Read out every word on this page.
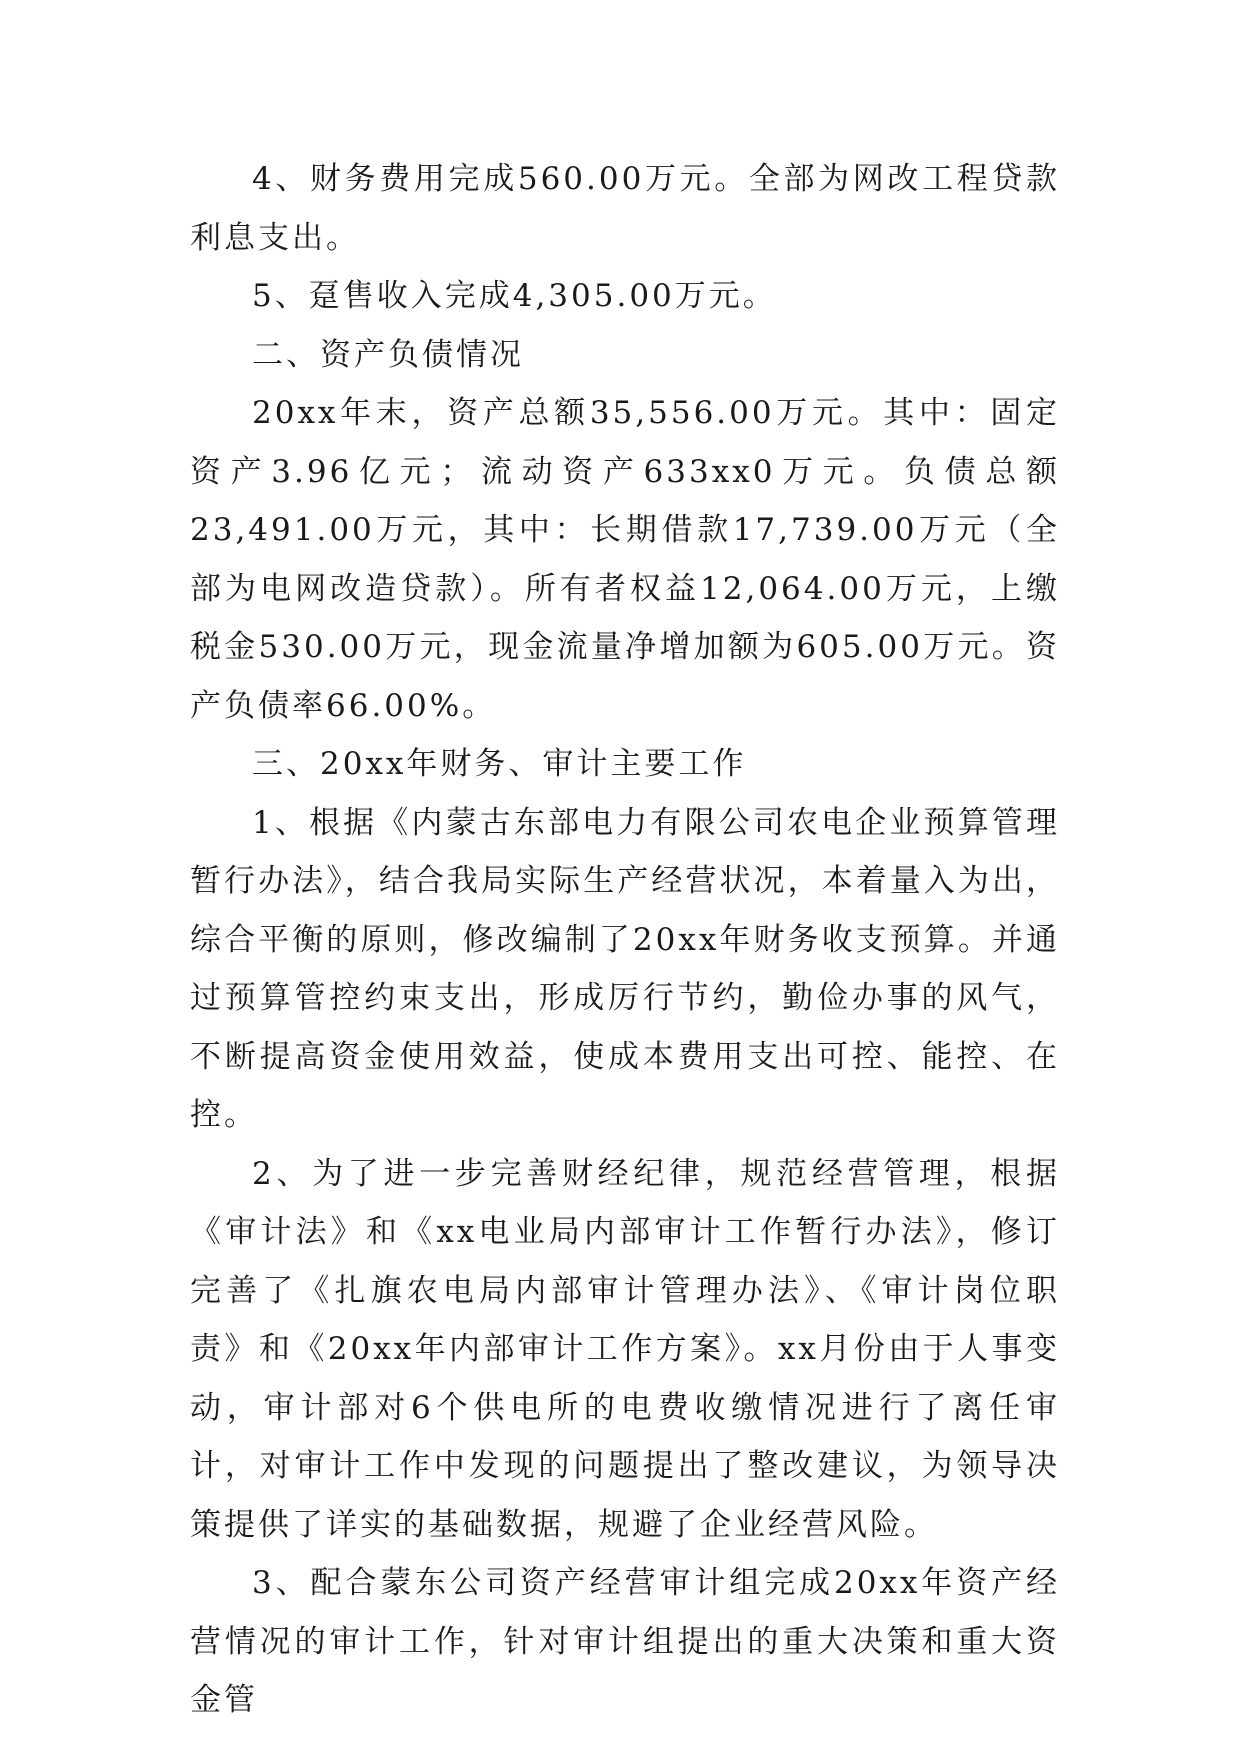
4、财务费用完成560.00万元。全部为网改工程贷款利息支出。

5、趸售收入完成4,305.00万元。

二、资产负债情况

20xx年末，资产总额35,556.00万元。其中：固定资产3.96亿元；流动资产633xx0万元。负债总额23,491.00万元，其中：长期借款17,739.00万元（全部为电网改造贷款）。所有者权益12,064.00万元，上缴税金530.00万元，现金流量净增加额为605.00万元。资产负债率66.00%。

三、20xx年财务、审计主要工作

1、根据《内蒙古东部电力有限公司农电企业预算管理暂行办法》，结合我局实际生产经营状况，本着量入为出，综合平衡的原则，修改编制了20xx年财务收支预算。并通过预算管控约束支出，形成厉行节约，勤俭办事的风气，不断提高资金使用效益，使成本费用支出可控、能控、在控。

2、为了进一步完善财经纪律，规范经营管理，根据《审计法》和《xx电业局内部审计工作暂行办法》，修订完善了《扎旗农电局内部审计管理办法》、《审计岗位职责》和《20xx年内部审计工作方案》。xx月份由于人事变动，审计部对6个供电所的电费收缴情况进行了离任审计，对审计工作中发现的问题提出了整改建议，为领导决策提供了详实的基础数据，规避了企业经营风险。

3、配合蒙东公司资产经营审计组完成20xx年资产经营情况的审计工作，针对审计组提出的重大决策和重大资金管
